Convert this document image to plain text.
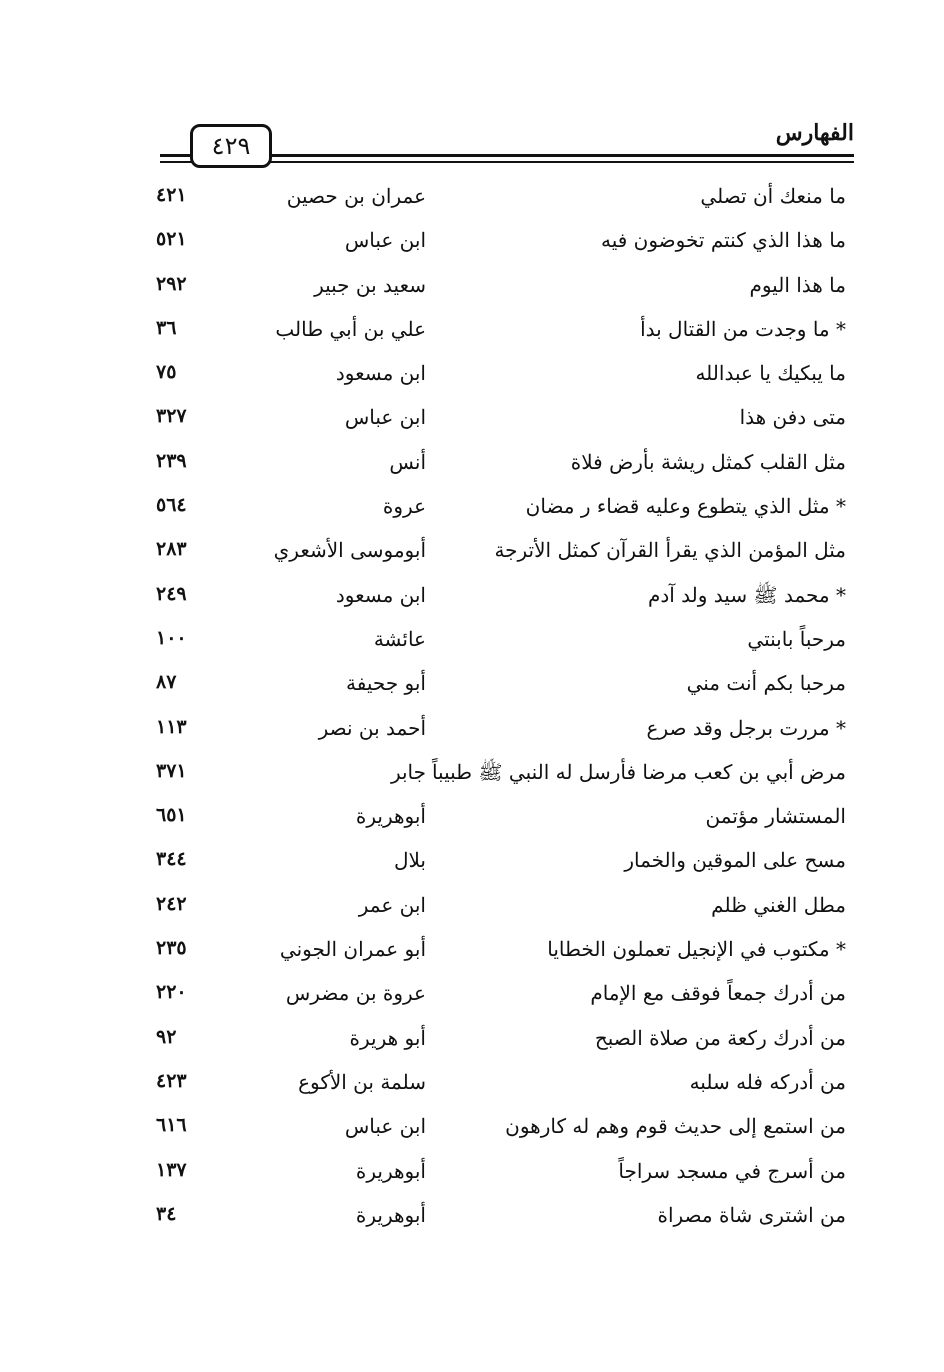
الفهارس
٤٢٩
ما منعك أن تصلي
عمران بن حصين
٤٢١
ما هذا الذي كنتم تخوضون فيه
ابن عباس
٥٢١
ما هذا اليوم
سعيد بن جبير
٢٩٢
* ما وجدت من القتال بدأ
علي بن أبي طالب
٣٦
ما يبكيك يا عبدالله
ابن مسعود
٧٥
متى دفن هذا
ابن عباس
٣٢٧
مثل القلب كمثل ريشة بأرض فلاة
أنس
٢٣٩
* مثل الذي يتطوع وعليه قضاء ر مضان
عروة
٥٦٤
مثل المؤمن الذي يقرأ القرآن كمثل الأترجة
أبوموسى الأشعري
٢٨٣
* محمد ﷺ سيد ولد آدم
ابن مسعود
٢٤٩
مرحباً بابنتي
عائشة
١٠٠
مرحبا بكم أنت مني
أبو جحيفة
٨٧
* مررت برجل وقد صرع
أحمد بن نصر
١١٣
مرض أبي بن كعب مرضا فأرسل له النبي ﷺ طبيباً
جابر
٣٧١
المستشار مؤتمن
أبوهريرة
٦٥١
مسح على الموقين والخمار
بلال
٣٤٤
مطل الغني ظلم
ابن عمر
٢٤٢
* مكتوب في الإنجيل تعملون الخطايا
أبو عمران الجوني
٢٣٥
من أدرك جمعاً فوقف مع الإمام
عروة بن مضرس
٢٢٠
من أدرك ركعة من صلاة الصبح
أبو هريرة
٩٢
من أدركه فله سلبه
سلمة بن الأكوع
٤٢٣
من استمع إلى حديث قوم وهم له كارهون
ابن عباس
٦١٦
من أسرج في مسجد سراجاً
أبوهريرة
١٣٧
من اشترى شاة مصراة
أبوهريرة
٣٤
